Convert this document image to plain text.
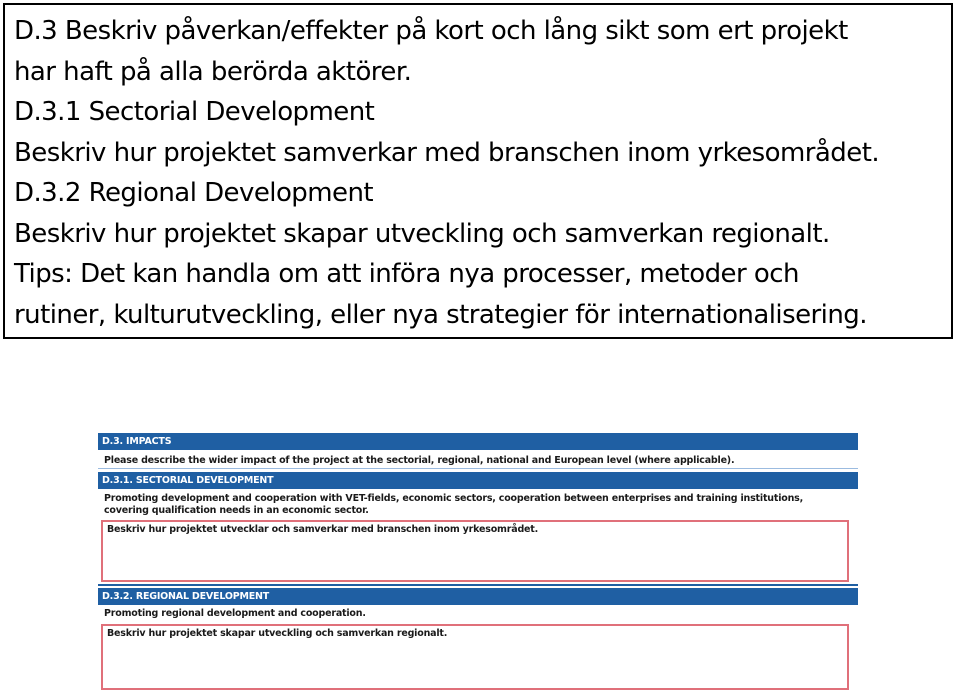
D.3 Beskriv påverkan/effekter på kort och lång sikt som ert projekt
har haft på alla berörda aktörer.
D.3.1 Sectorial Development
Beskriv hur projektet samverkar med branschen inom yrkesområdet.
D.3.2 Regional Development
Beskriv hur projektet skapar utveckling och samverkan regionalt.
Tips: Det kan handla om att införa nya processer, metoder och
rutiner, kulturutveckling, eller nya strategier för internationalisering.
D.3. IMPACTS
Please describe the wider impact of the project at the sectorial, regional, national and European level (where applicable).
D.3.1. SECTORIAL DEVELOPMENT
Promoting development and cooperation with VET-fields, economic sectors, cooperation between enterprises and training institutions,
covering qualification needs in an economic sector.
Beskriv hur projektet utvecklar och samverkar med branschen inom yrkesområdet.
D.3.2. REGIONAL DEVELOPMENT
Promoting regional development and cooperation.
Beskriv hur projektet skapar utveckling och samverkan regionalt.
